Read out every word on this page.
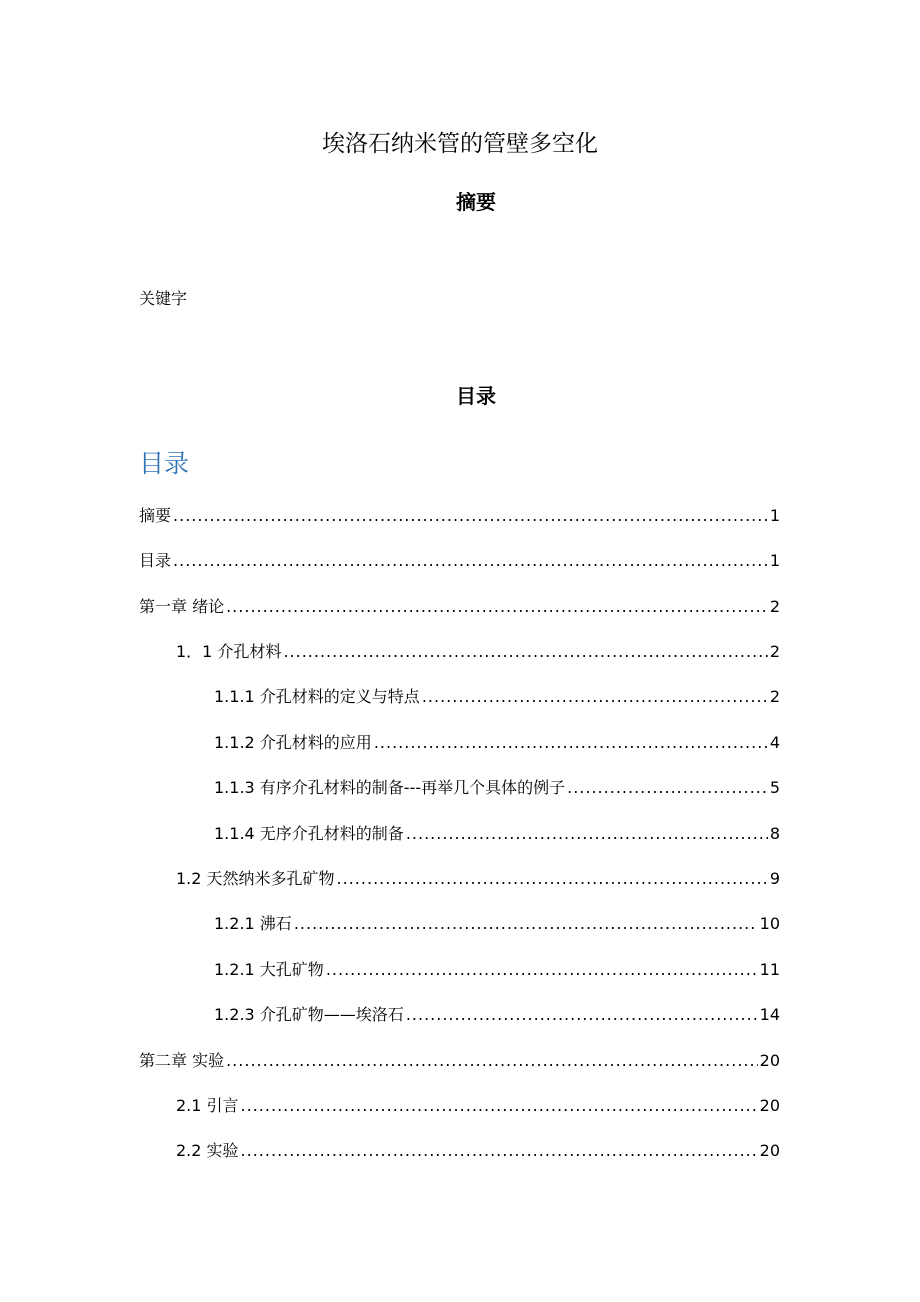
埃洛石纳米管的管壁多空化
摘要
关键字
目录
目录
摘要 .....	1
目录 .....	1
第一章 绪论 .....	2
1．1 介孔材料 .....	2
1.1.1 介孔材料的定义与特点 .....	2
1.1.2 介孔材料的应用 .....	4
1.1.3 有序介孔材料的制备---再举几个具体的例子 .....	5
1.1.4 无序介孔材料的制备 .....	8
1.2 天然纳米多孔矿物 .....	9
1.2.1 沸石 .....	10
1.2.1 大孔矿物 .....	11
1.2.3 介孔矿物——埃洛石 .....	14
第二章 实验 .....	20
2.1 引言 .....	20
2.2 实验 .....	20
